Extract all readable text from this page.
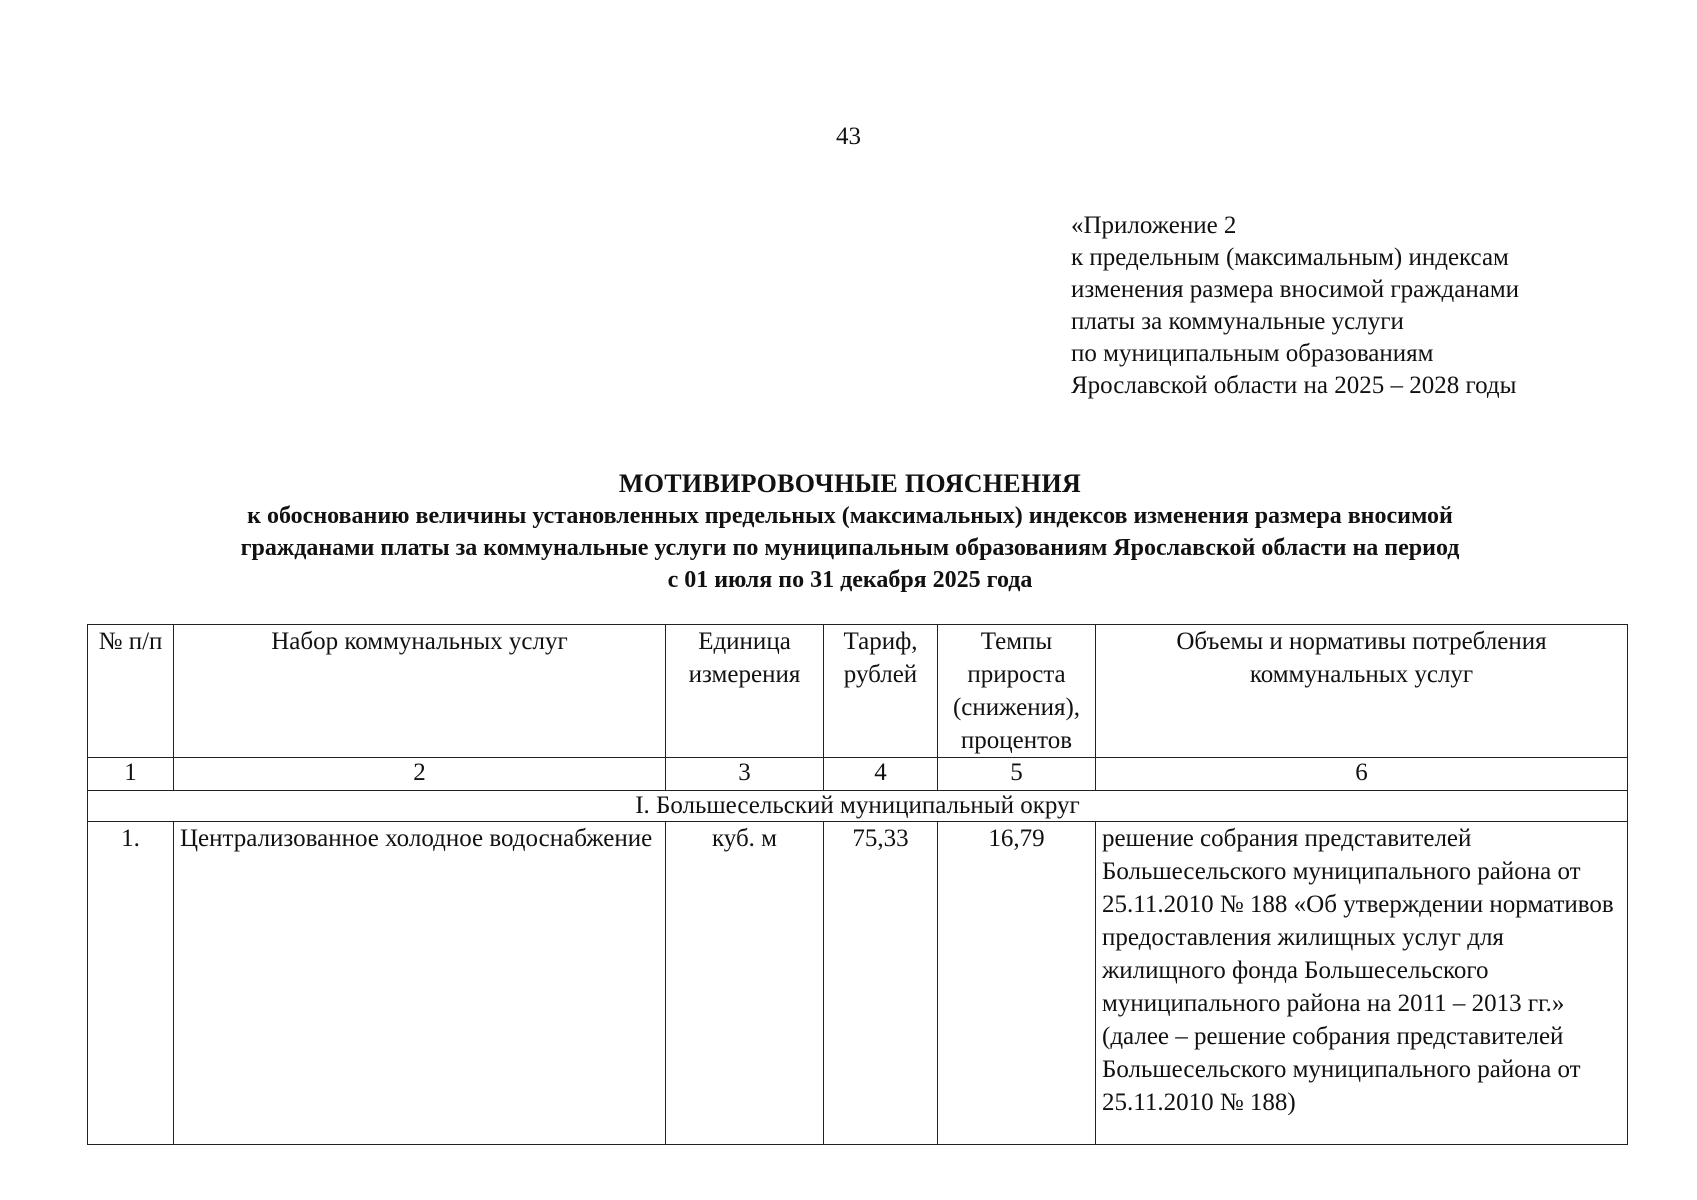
43
«Приложение 2
к предельным (максимальным) индексам
изменения размера вносимой гражданами
платы за коммунальные услуги
по муниципальным образованиям
Ярославской области на 2025 – 2028 годы
МОТИВИРОВОЧНЫЕ ПОЯСНЕНИЯ
к обоснованию величины установленных предельных (максимальных) индексов изменения размера вносимой
гражданами платы за коммунальные услуги по муниципальным образованиям Ярославской области на период
с 01 июля по 31 декабря 2025 года
№ п/п	Набор коммунальных услуг	Единица измерения	Тариф, рублей	Темпы прироста (снижения), процентов	Объемы и нормативы потребления коммунальных услуг
1	2	3	4	5	6
I. Большесельский муниципальный округ					
1.	Централизованное холодное водоснабжение	куб. м	75,33	16,79	решение собрания представителей Большесельского муниципального района от 25.11.2010 № 188 «Об утверждении нормативов предоставления жилищных услуг для жилищного фонда Большесельского муниципального района на 2011 – 2013 гг.» (далее – решение собрания представителей Большесельского муниципального района от 25.11.2010 № 188)
